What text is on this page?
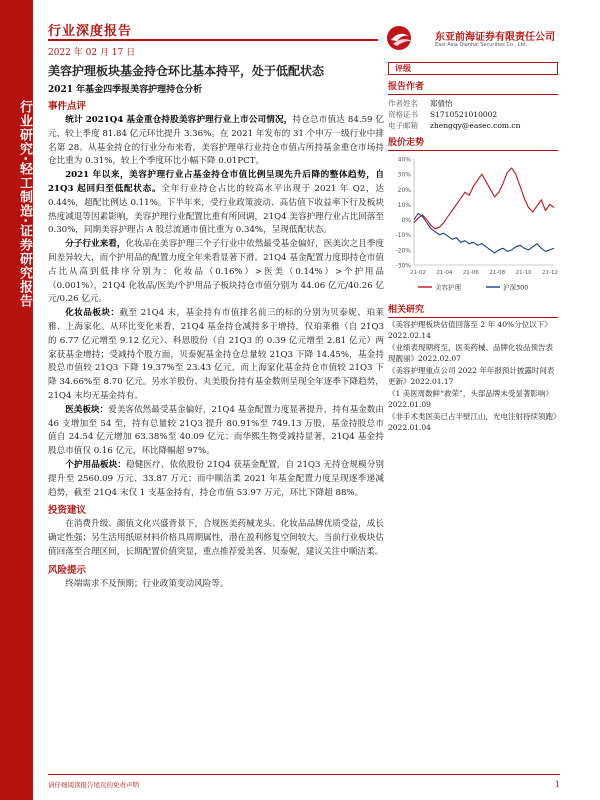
行业研究·轻工制造·证券研究报告
行业深度报告
2022 年 02 月 17 日
东亚前海证券有限责任公司
East Asia Qianhai Securities Co., Ltd.
美容护理板块基金持仓环比基本持平，处于低配状态
2021 年基金四季报美容护理持仓分析
事件点评
统计 2021Q4 基金重仓持股美容护理行业上市公司情况，持仓总市值达 84.59 亿元，较上季度 81.84 亿元环比提升 3.36%。在 2021 年发布的 31 个申万一级行业中排名第 28。从基金持仓的行业分布来看，美容护理单行业持仓市值占所持基金重仓市场持仓比重为 0.31%，较上个季度环比小幅下降 0.01PCT。
2021 年以来，美容护理行业占基金持仓市值比例呈现先升后降的整体趋势，自 21Q3 起回归至低配状态。全年行业持仓占比的较高水平出现于 2021 年 Q2，达 0.44%，超配比例达 0.11%。下半年来，受行业政策波动、高估值下收益率下行及板块热度减退等因素影响，美容护理行业配置比重有所回调，21Q4 美容护理行业占比回落至 0.30%，同期美容护理占 A 股总流通市值比重为 0.34%，呈现低配状态。
分子行业来看，化妆品在美容护理三个子行业中依然最受基金偏好，医美次之且季度间差异较大，而个护用品的配置力度全年来看显著下滑。21Q4 基金配置力度即持仓市值占比从高到低排序分别为：化妆品（0.16%）>医美（0.14%）>个护用品（0.001%），21Q4 化妆品/医美/个护用品子板块持仓市值分别为 44.06 亿元/40.26 亿元/0.26 亿元。
化妆品板块：截至 21Q4 末，基金持有市值排名前三的标的分别为贝泰妮、珀莱雅、上海家化。从环比变化来看，21Q4 基金持仓减持多于增持，仅珀莱雅（自 21Q3 的 6.77 亿元增至 9.12 亿元）、科思股份（自 21Q3 的 0.39 亿元增至 2.81 亿元）两家获基金增持；受减持个股方面，贝泰妮基金持仓总量较 21Q3 下降 14.45%，基金持股总市值较 21Q3 下降 19.37%至 23.43 亿元，而上海家化基金持仓市值较 21Q3 下降 34.66%至 8.70 亿元。另水羊股份、丸美股份持有基金数则呈现全年逐季下降趋势，21Q4 末均无基金持有。
医美板块：爱美客依然最受基金偏好，21Q4 基金配置力度显著提升，持有基金数由 46 支增加至 54 至，持有总量较 21Q3 提升 80.91%至 749.13 万股，基金持股总市值自 24.54 亿元增加 63.38%至 40.09 亿元；而华熙生物受减持显著，21Q4 基金持股总市值仅 0.16 亿元，环比降幅超 97%。
个护用品板块：稳健医疗、依依股份 21Q4 获基金配置，自 21Q3 无持仓规模分别提升至 2560.09 万元、33.87 万元；而中顺洁柔 2021 年基金配置力度呈现逐季递减趋势，截至 21Q4 末仅 1 支基金持有，持仓市值 53.97 万元，环比下降超 88%。
投资建议
在消费升级、颜值文化兴盛背景下，合规医美药械龙头、化妆品品牌优质受益，成长确定性强；另生活用纸原材料价格具周期属性，潜在盈利修复空间较大。当前行业板块估值回落至合理区间，长期配置价值突显，重点推荐爱美客、贝泰妮，建议关注中顺洁柔。
风险提示
终端需求不及预期；行业政策变动风险等。
评级
报告作者
作者姓名 郑倩怡
资格证书 S1710521010002
电子邮箱 zhengqy@easec.com.cn
股价走势
40%
30%
20%
10%
0%
-10%
-20%
-30%
21-02 21-04 21-06 21-08 21-10 21-12
美容护理	沪深300
相关研究
《美容护理板块估值回落至 2 年 40%分位以下》2022.02.14
《业绩表现期将至，医美药械、品牌化妆品预告表现靓丽》2022.02.07
《美容护理重点公司 2022 年年报预计披露时间表更新》2022.01.17
《1 美医周数鲜“救荣”，头部品牌未受显著影响》2022.01.09
《非手术类医美已占半壁江山，光电注射持续领跑》2022.01.04
请仔细阅读报告尾页的免责声明	1
